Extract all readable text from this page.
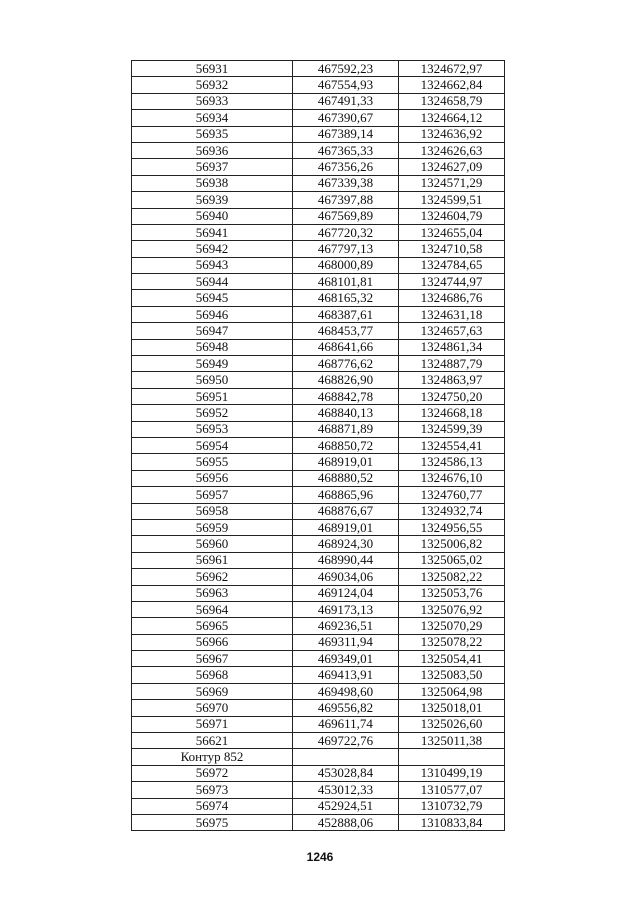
56931	467592,23	1324672,97
56932	467554,93	1324662,84
56933	467491,33	1324658,79
56934	467390,67	1324664,12
56935	467389,14	1324636,92
56936	467365,33	1324626,63
56937	467356,26	1324627,09
56938	467339,38	1324571,29
56939	467397,88	1324599,51
56940	467569,89	1324604,79
56941	467720,32	1324655,04
56942	467797,13	1324710,58
56943	468000,89	1324784,65
56944	468101,81	1324744,97
56945	468165,32	1324686,76
56946	468387,61	1324631,18
56947	468453,77	1324657,63
56948	468641,66	1324861,34
56949	468776,62	1324887,79
56950	468826,90	1324863,97
56951	468842,78	1324750,20
56952	468840,13	1324668,18
56953	468871,89	1324599,39
56954	468850,72	1324554,41
56955	468919,01	1324586,13
56956	468880,52	1324676,10
56957	468865,96	1324760,77
56958	468876,67	1324932,74
56959	468919,01	1324956,55
56960	468924,30	1325006,82
56961	468990,44	1325065,02
56962	469034,06	1325082,22
56963	469124,04	1325053,76
56964	469173,13	1325076,92
56965	469236,51	1325070,29
56966	469311,94	1325078,22
56967	469349,01	1325054,41
56968	469413,91	1325083,50
56969	469498,60	1325064,98
56970	469556,82	1325018,01
56971	469611,74	1325026,60
56621	469722,76	1325011,38
Контур 852		
56972	453028,84	1310499,19
56973	453012,33	1310577,07
56974	452924,51	1310732,79
56975	452888,06	1310833,84
1246
